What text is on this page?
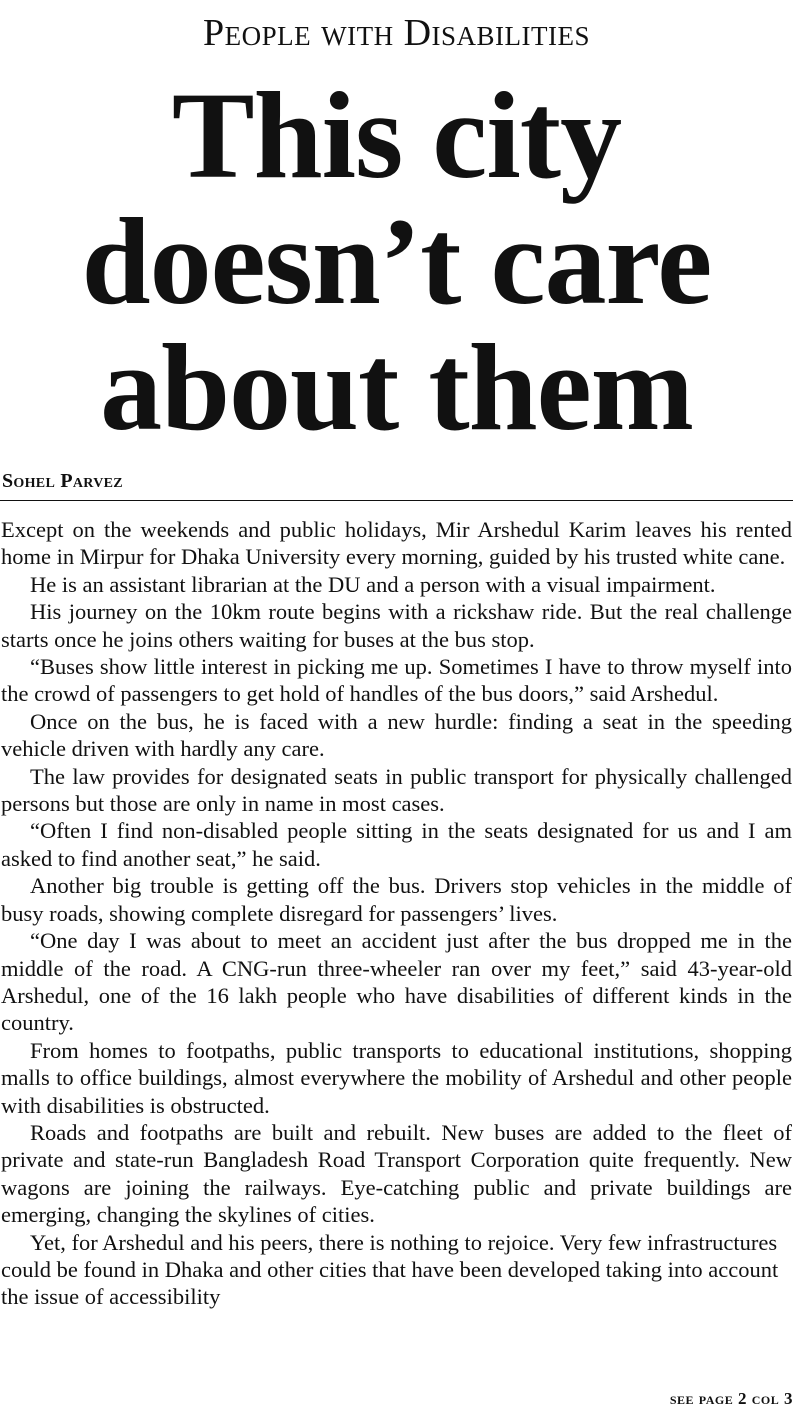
People with Disabilities
This city
doesn’t care
about them
Sohel Parvez

Except on the weekends and public holidays, Mir Arshedul Karim leaves his rented home in Mirpur for Dhaka University every morning, guided by his trusted white cane.

He is an assistant librarian at the DU and a person with a visual impairment.

His journey on the 10km route begins with a rickshaw ride. But the real challenge starts once he joins others waiting for buses at the bus stop.

“Buses show little interest in picking me up. Sometimes I have to throw myself into the crowd of passengers to get hold of handles of the bus doors,” said Arshedul.

Once on the bus, he is faced with a new hurdle: finding a seat in the speeding vehicle driven with hardly any care.

The law provides for designated seats in public transport for physically challenged persons but those are only in name in most cases.

“Often I find non-disabled people sitting in the seats designated for us and I am asked to find another seat,” he said.

Another big trouble is getting off the bus. Drivers stop vehicles in the middle of busy roads, showing complete disregard for passengers’ lives.

“One day I was about to meet an accident just after the bus dropped me in the middle of the road. A CNG-run three-wheeler ran over my feet,” said 43-year-old Arshedul, one of the 16 lakh people who have disabilities of different kinds in the country.

From homes to footpaths, public transports to educational institutions, shopping malls to office buildings, almost everywhere the mobility of Arshedul and other people with disabilities is obstructed.

Roads and footpaths are built and rebuilt. New buses are added to the fleet of private and state-run Bangladesh Road Transport Corporation quite frequently. New wagons are joining the railways. Eye-catching public and private buildings are emerging, changing the skylines of cities.

Yet, for Arshedul and his peers, there is nothing to rejoice. Very few infrastructures could be found in Dhaka and other cities that have been developed taking into account the issue of accessibility

see page 2 col 3
